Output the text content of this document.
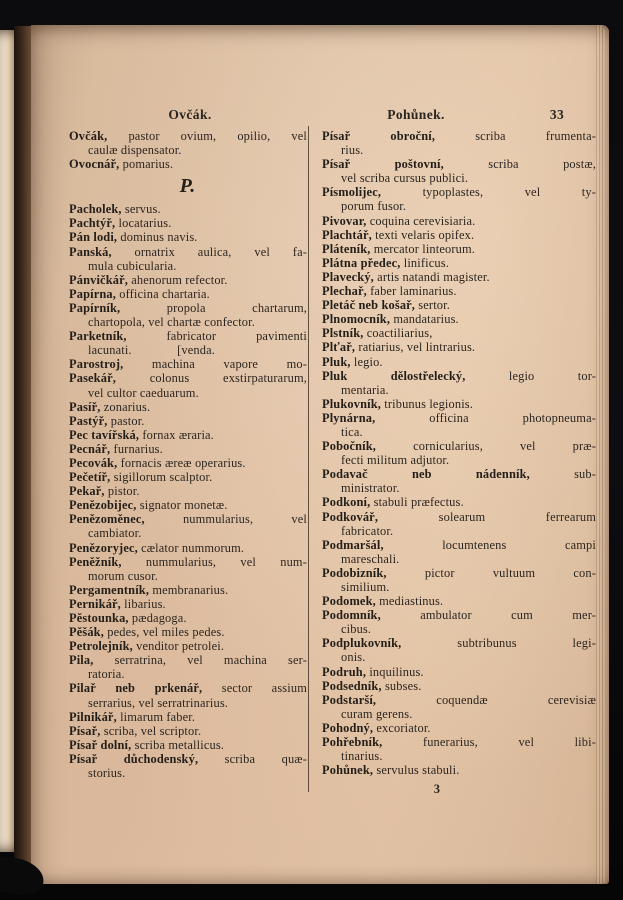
Ovčák.	Pohůnek.	33
Ovčák, pastor ovium, opilio, vel
caulæ dispensator.
Ovocnář, pomarius.
P.
Pacholek, servus.
Pachtýř, locatarius.
Pán lodi, dominus navis.
Panská, ornatrix aulica, vel fa-
mula cubicularia.
Pánvičkář, ahenorum refector.
Papírna, officina chartaria.
Papírník, propola chartarum,
chartopola, vel chartæ confector.
Parketník, fabricator pavimenti
lacunati.              [venda.
Parostroj, machina vapore mo-
Pasekář, colonus exstirpaturarum,
vel cultor caeduarum.
Pasíř, zonarius.
Pastýř, pastor.
Pec tavířská, fornax æraria.
Pecnář, furnarius.
Pecovák, fornacis æreæ operarius.
Pečetíř, sigillorum scalptor.
Pekař, pistor.
Penězobijec, signator monetæ.
Penězoměnec, nummularius, vel
cambiator.
Penězoryjec, cælator nummorum.
Peněžník, nummularius, vel num-
morum cusor.
Pergamentník, membranarius.
Pernikář, libarius.
Pěstounka, pædagoga.
Pěšák, pedes, vel miles pedes.
Petrolejník, venditor petrolei.
Pila, serratrina, vel machina ser-
ratoria.
Pilař neb prkenář, sector assium
serrarius, vel serratrinarius.
Pilnikář, limarum faber.
Písař, scriba, vel scriptor.
Písař dolní, scriba metallicus.
Písař důchodenský, scriba quæ-
storius.
Písař obroční, scriba frumenta-
rius.
Písař poštovní, scriba postæ,
vel scriba cursus publici.
Písmolijec, typoplastes, vel ty-
porum fusor.
Pivovar, coquina cerevisiaria.
Plachtář, texti velaris opifex.
Pláteník, mercator linteorum.
Plátna předec, linificus.
Plavecký, artis natandi magister.
Plechař, faber laminarius.
Pletáč neb košař, sertor.
Plnomocník, mandatarius.
Plstník, coactiliarius,
Plťař, ratiarius, vel lintrarius.
Pluk, legio.
Pluk dělostřelecký, legio tor-
mentaria.
Plukovník, tribunus legionis.
Plynárna, officina photopneuma-
tica.
Pobočník, cornicularius, vel præ-
fecti militum adjutor.
Podavač neb nádenník, sub-
ministrator.
Podkoní, stabuli præfectus.
Podkovář, solearum ferrearum
fabricator.
Podmaršál, locumtenens campi
mareschali.
Podobizník, pictor vultuum con-
similium.
Podomek, mediastinus.
Podomník, ambulator cum mer-
cibus.
Podplukovník, subtribunus legi-
onis.
Podruh, inquilinus.
Podsedník, subses.
Podstarší, coquendæ cerevisiæ
curam gerens.
Pohodný, excoriator.
Pohřebník, funerarius, vel libi-
tinarius.
Pohůnek, servulus stabuli.
3
